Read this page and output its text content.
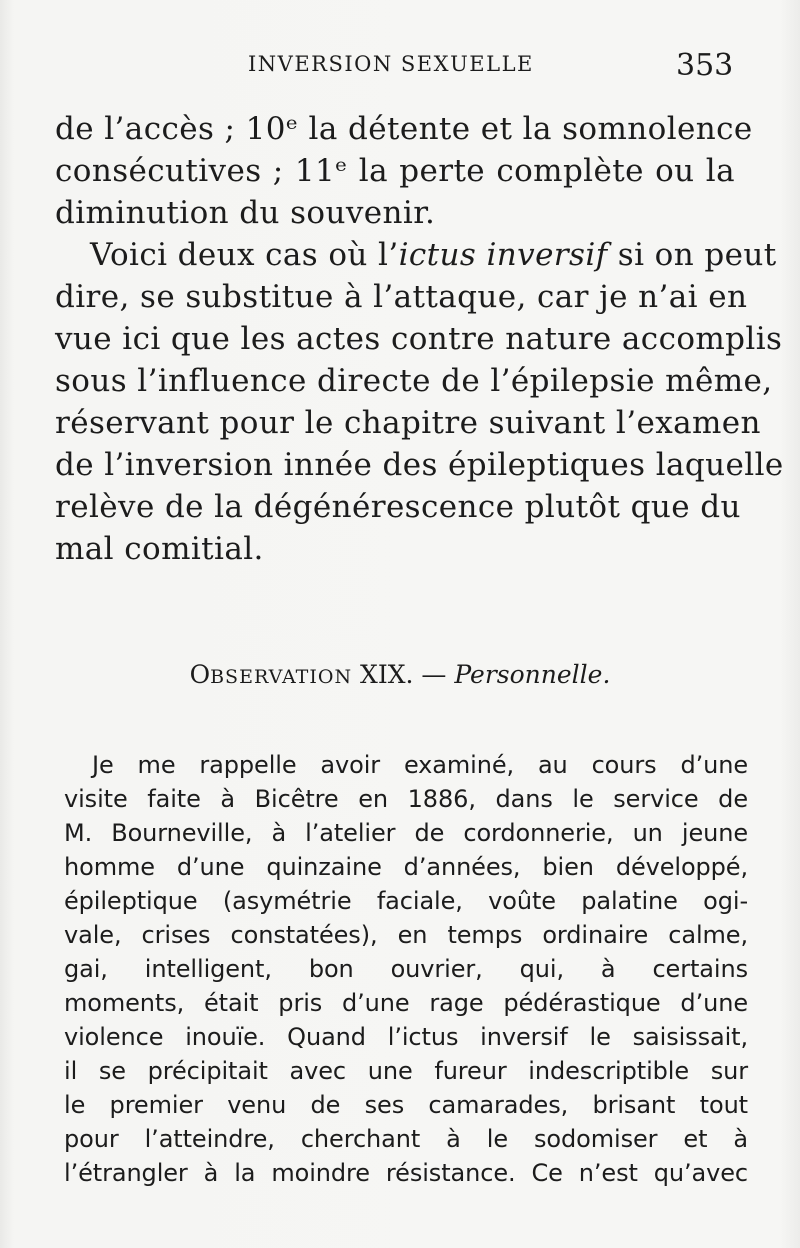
INVERSION SEXUELLE	353
de l’accès ; 10ᵉ la détente et la somnolence
consécutives ; 11ᵉ la perte complète ou la
diminution du souvenir.
Voici deux cas où l’ictus inversif si on peut
dire, se substitue à l’attaque, car je n’ai en
vue ici que les actes contre nature accomplis
sous l’influence directe de l’épilepsie même,
réservant pour le chapitre suivant l’examen
de l’inversion innée des épileptiques laquelle
relève de la dégénérescence plutôt que du
mal comitial.
OBSERVATION XIX. — Personnelle.
Je me rappelle avoir examiné, au cours d’une
visite faite à Bicêtre en 1886, dans le service de
M. Bourneville, à l’atelier de cordonnerie, un jeune
homme d’une quinzaine d’années, bien développé,
épileptique (asymétrie faciale, voûte palatine ogi-
vale, crises constatées), en temps ordinaire calme,
gai, intelligent, bon ouvrier, qui, à certains
moments, était pris d’une rage pédérastique d’une
violence inouïe. Quand l’ictus inversif le saisissait,
il se précipitait avec une fureur indescriptible sur
le premier venu de ses camarades, brisant tout
pour l’atteindre, cherchant à le sodomiser et à
l’étrangler à la moindre résistance. Ce n’est qu’avec
